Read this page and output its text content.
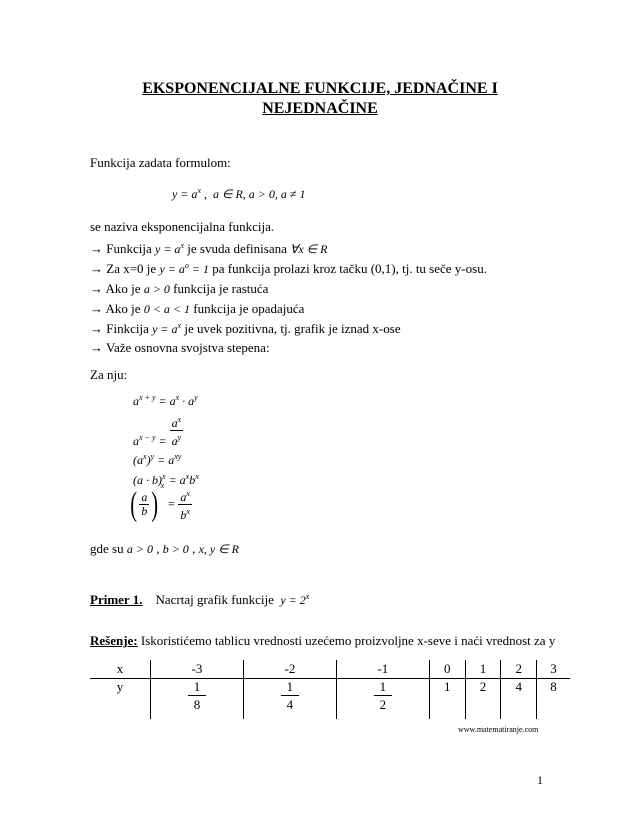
EKSPONENCIJALNE FUNKCIJE, JEDNAČINE I NEJEDNAČINE
Funkcija zadata formulom:
$y = a^x$ ,  a ∈ R, a > 0, a ≠ 1
se naziva eksponencijalna funkcija.
→ Funkcija $y = a^x$ je svuda definisana ∀x ∈ R
→ Za x=0 je $y = a^o = 1$ pa funkcija prolazi kroz tačku (0,1), tj. tu seče y-osu.
→ Ako je a > 0 funkcija je rastuća
→ Ako je 0 < a < 1 funkcija je opadajuća
→ Finkcija $y = a^x$ je uvek pozitivna, tj. grafik je iznad x-ose
→ Važe osnovna svojstva stepena:
Za nju:
$a^{x + y} = a^x \cdot a^y$
$a^{x - y} = \frac{a^x}{a^y}$
$(a^x)^y = a^{xy}$
$(a \cdot b)^x = a^xb^x$
( $\frac{a}{b}$ ) $^x = \frac{a^x}{b^x}$
gde su a > 0 , b > 0 , x, y ∈ R
Primer 1. Nacrtaj grafik funkcije $y = 2^x$
Rešenje: Iskoristićemo tablicu vrednosti uzećemo proizvoljne x-seve i naći vrednost za y
x	-3	-2	-1	0	1	2	3
y	$\frac{1}{8}$	$\frac{1}{4}$	$\frac{1}{2}$	1	2	4	8
www.matematiranje.com
1
